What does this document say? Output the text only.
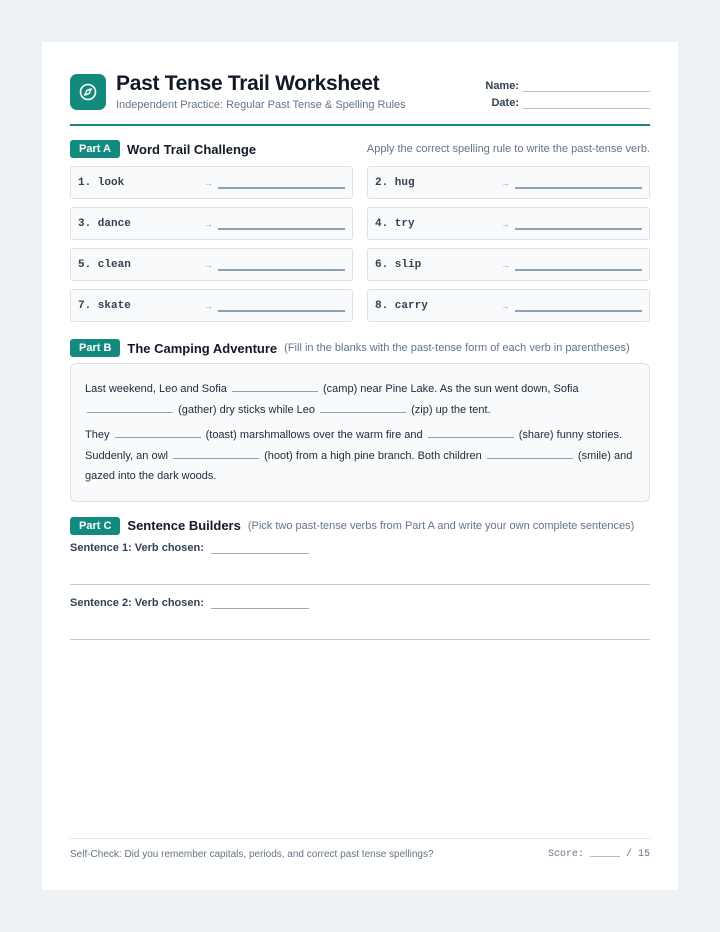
Past Tense Trail Worksheet
Independent Practice: Regular Past Tense & Spelling Rules
Name:
Date:
Part A	Word Trail Challenge	Apply the correct spelling rule to write the past-tense verb.
1. look	→	2. hug	→
3. dance	→	4. try	→
5. clean	→	6. slip	→
7. skate	→	8. carry	→
Part B	The Camping Adventure (Fill in the blanks with the past-tense form of each verb in parentheses)

Last weekend, Leo and Sofia	(camp) near Pine Lake. As the sun went down, Sofia  (gather) dry sticks while Leo	(zip) up the tent.

They	(toast) marshmallows over the warm fire and	(share) funny stories. Suddenly, an owl	(hoot) from a high pine branch. Both children	(smile) and gazed into the dark woods.

Part C	Sentence Builders (Pick two past-tense verbs from Part A and write your own complete sentences)
Sentence 1: Verb chosen:
Sentence 2: Verb chosen:
Self-Check: Did you remember capitals, periods, and correct past tense spellings?	Score: _____ / 15
